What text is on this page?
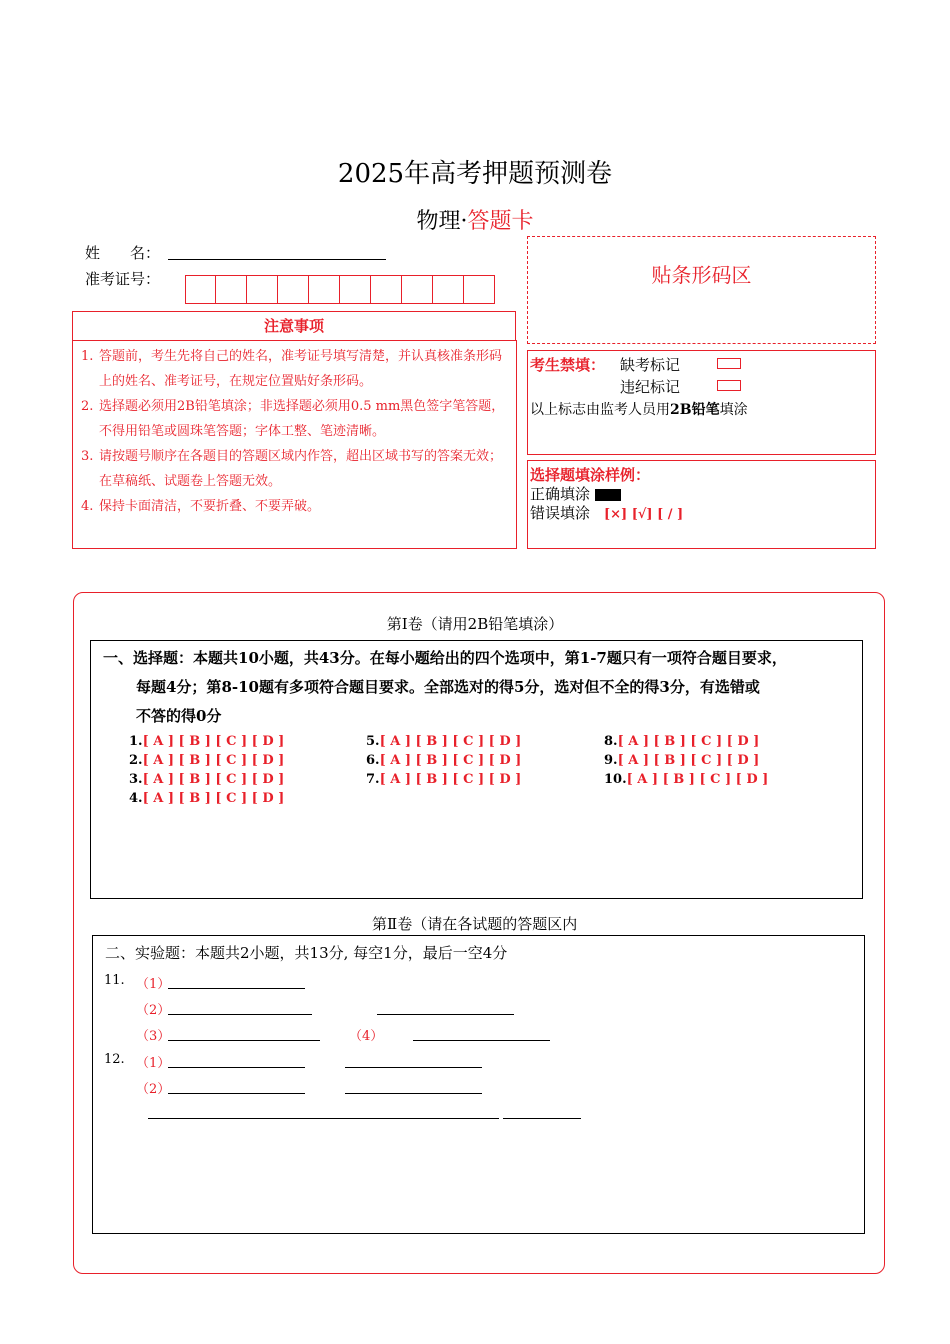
2025年高考押题预测卷
物理·答题卡
姓　　名：
准考证号：	贴条形码区
注意事项
1. 答题前，考生先将自己的姓名，准考证号填写清楚，并认真核准条形码上的姓名、准考证号，在规定位置贴好条形码。
2. 选择题必须用2B铅笔填涂；非选择题必须用0.5 mm黑色签字笔答题，不得用铅笔或圆珠笔答题；字体工整、笔迹清晰。
3. 请按题号顺序在各题目的答题区域内作答，超出区域书写的答案无效；在草稿纸、试题卷上答题无效。
4. 保持卡面清洁，不要折叠、不要弄破。
考生禁填： 缺考标记
违纪标记
以上标志由监考人员用2B铅笔填涂
选择题填涂样例：
正确填涂
错误填涂 [×] [√] [ / ]
第Ⅰ卷（请用2B铅笔填涂）
一、选择题：本题共10小题，共43分。在每小题给出的四个选项中，第1-7题只有一项符合题目要求，
每题4分；第8-10题有多项符合题目要求。全部选对的得5分，选对但不全的得3分，有选错或
不答的得0分
1.[ A ] [ B ] [ C ] [ D ]
2.[ A ] [ B ] [ C ] [ D ]
3.[ A ] [ B ] [ C ] [ D ]
4.[ A ] [ B ] [ C ] [ D ]
5.[ A ] [ B ] [ C ] [ D ]
6.[ A ] [ B ] [ C ] [ D ]
7.[ A ] [ B ] [ C ] [ D ]
8.[ A ] [ B ] [ C ] [ D ]
9.[ A ] [ B ] [ C ] [ D ]
10.[ A ] [ B ] [ C ] [ D ]
第Ⅱ卷（请在各试题的答题区内
二、实验题：本题共2小题，共13分, 每空1分，最后一空4分
11. （1）
（2）
（3）	（4）
12. （1）
（2）
